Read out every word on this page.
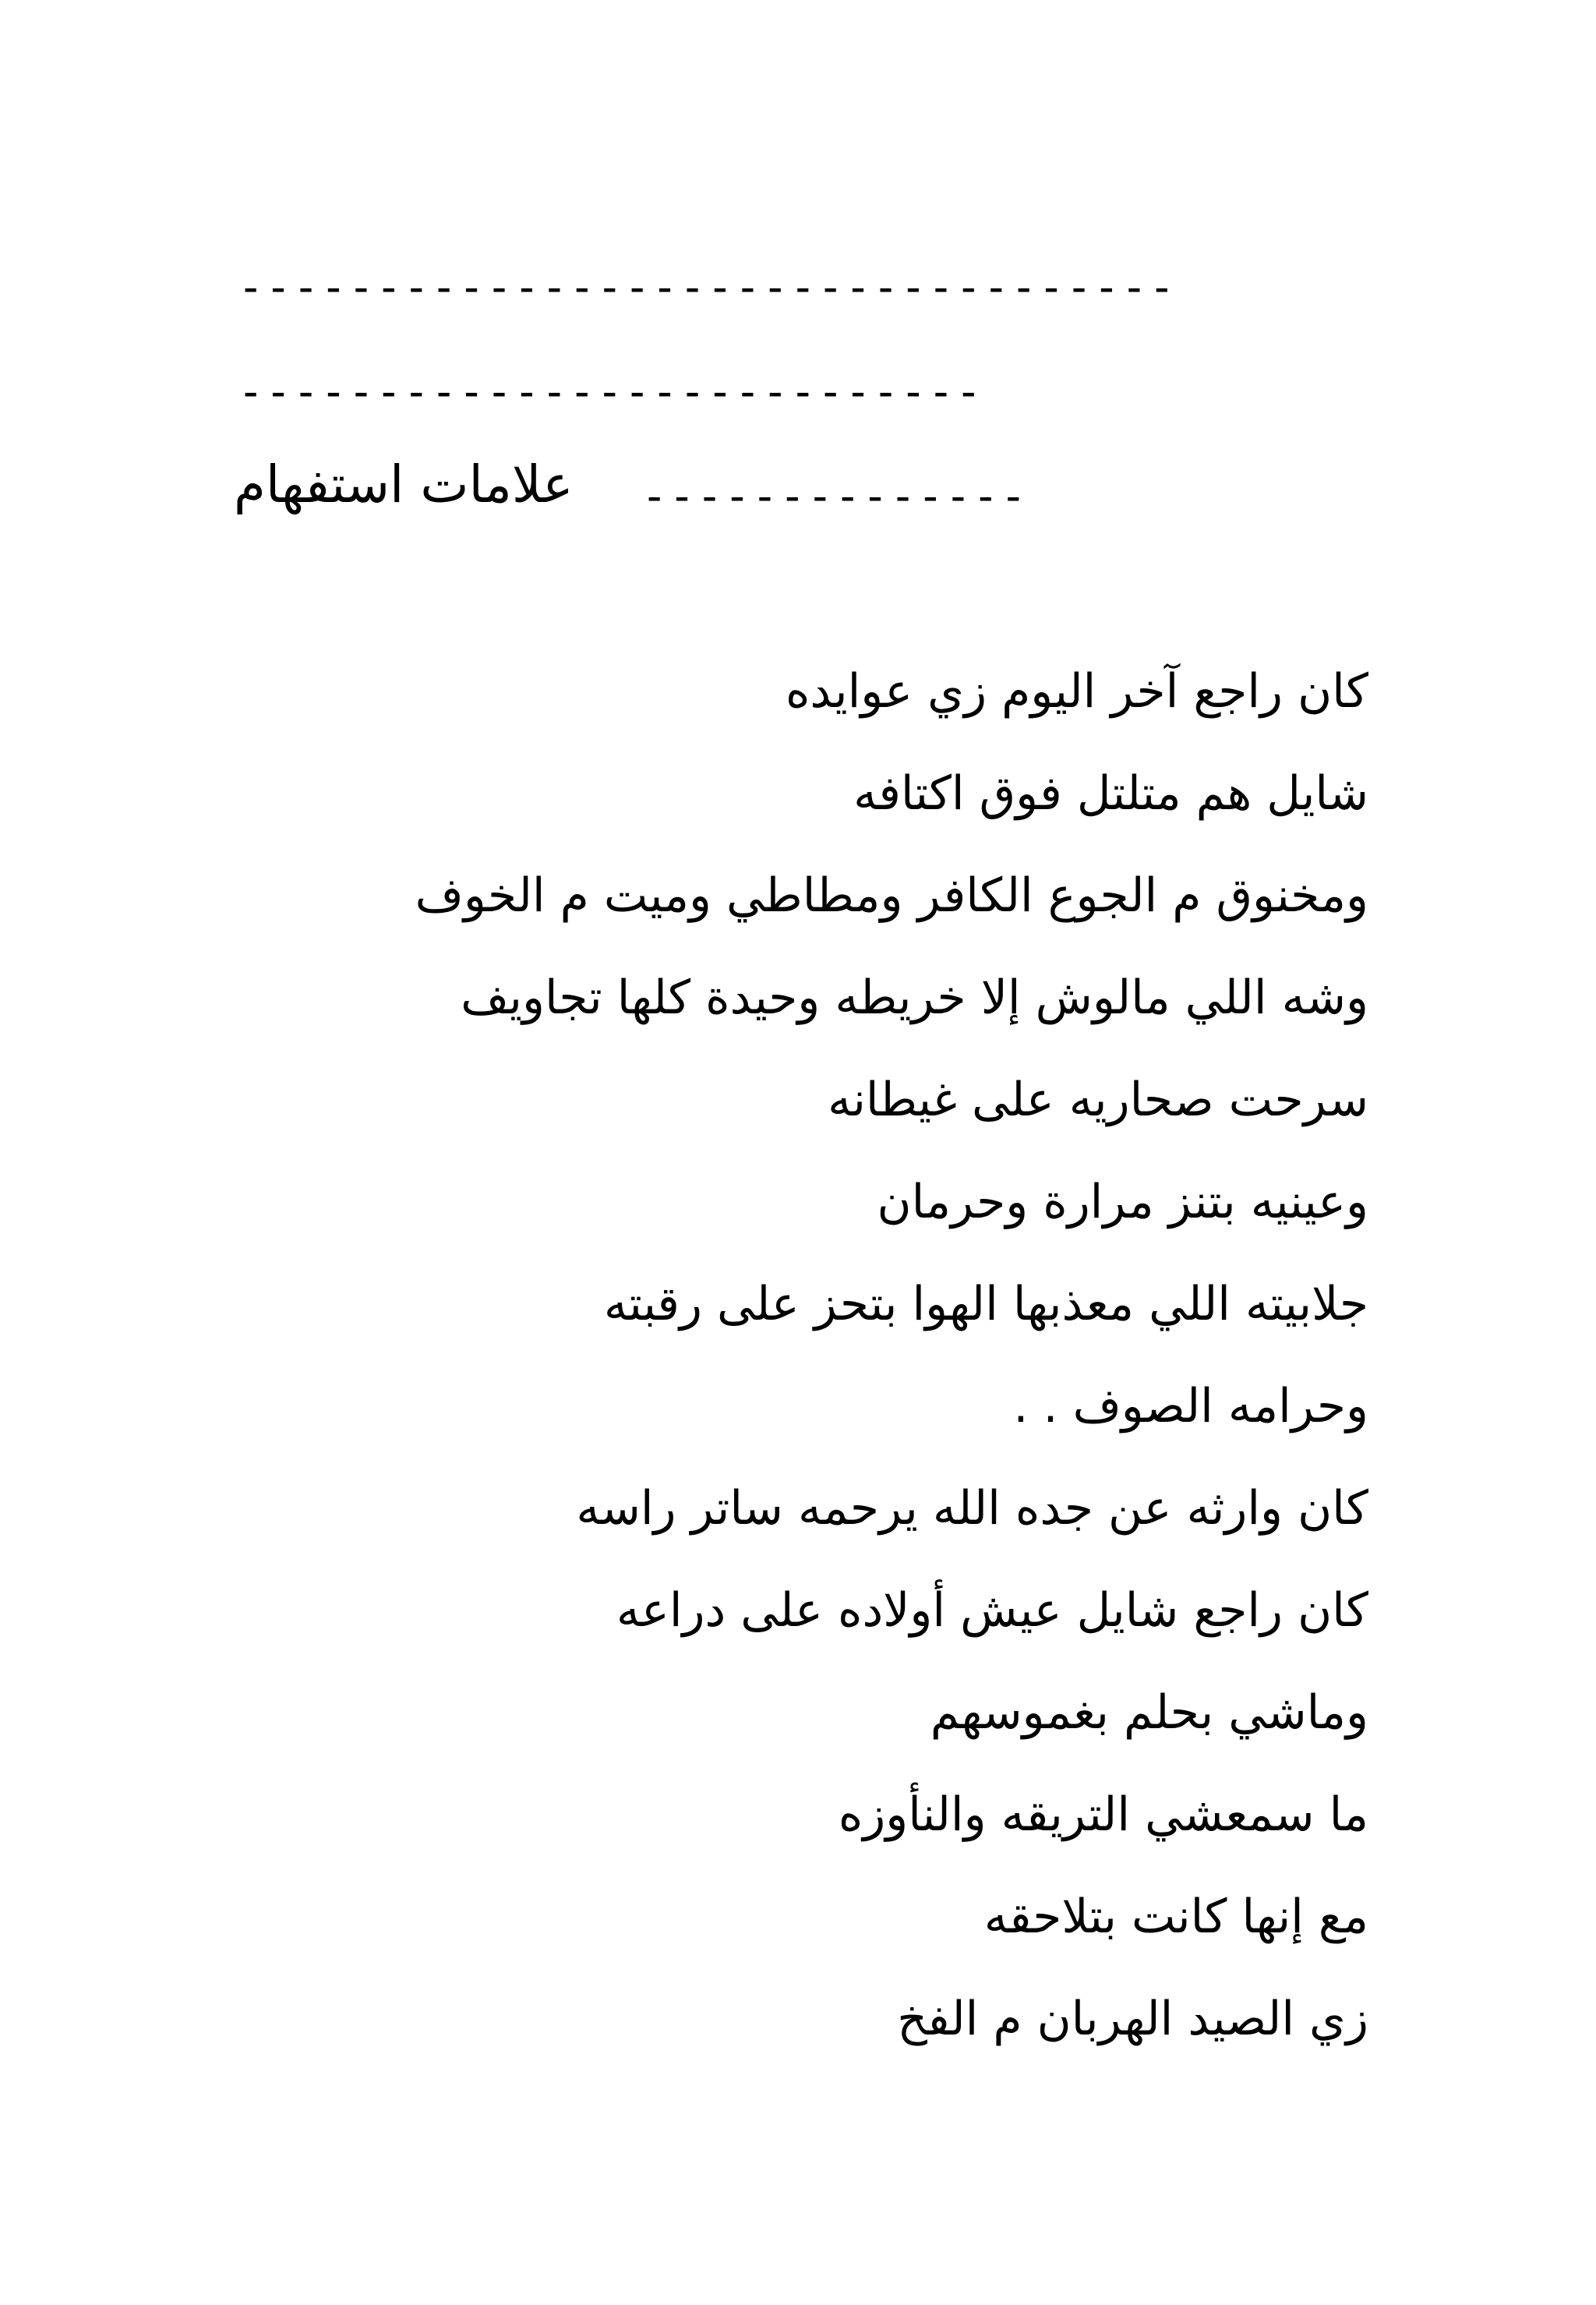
- - - - - - - - - - - - - - - - - - - - - - - - - - - - - - - - - -
- - - - - - - - - - - - - - - - - - - - - - - - - - -
- - - - - - - - - - - - - -
علامات استفهام
كان راجع آخر اليوم زي عوايده
شايل هم متلتل فوق اكتافه
ومخنوق م الجوع الكافر ومطاطي وميت م الخوف
وشه اللي مالوش إلا خريطه وحيدة كلها تجاويف
سرحت صحاريه على غيطانه
وعينيه بتنز مرارة وحرمان
جلابيته اللي معذبها الهوا بتحز على رقبته
وحرامه الصوف . .
كان وارثه عن جده الله يرحمه ساتر راسه
كان راجع شايل عيش أولاده على دراعه
وماشي بحلم بغموسهم
ما سمعشي التريقه والنأوزه
مع إنها كانت بتلاحقه
زي الصيد الهربان م الفخ
